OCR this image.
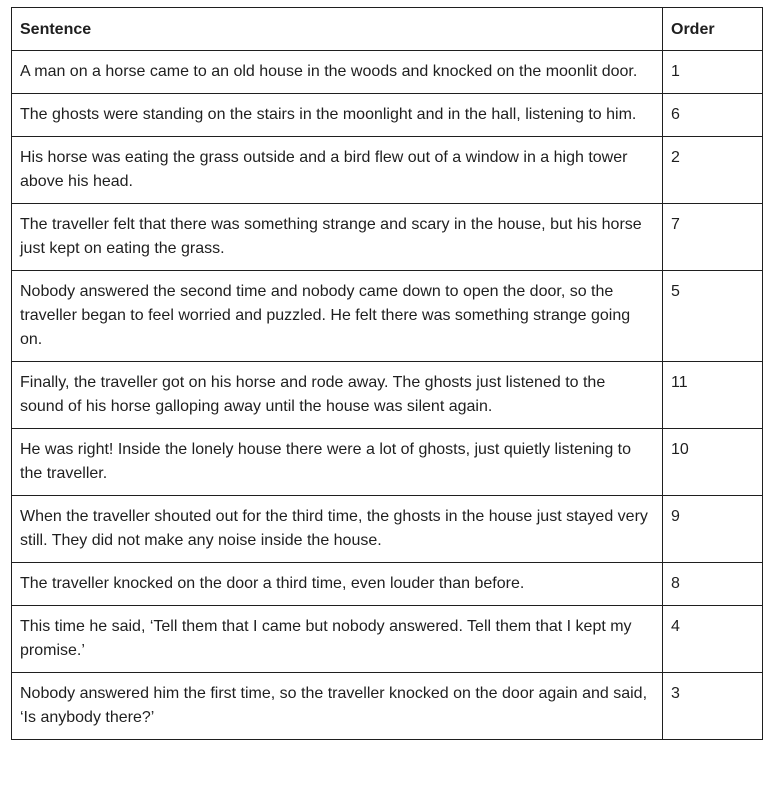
Sentence	Order
A man on a horse came to an old house in the woods and knocked on the moonlit door.	1
The ghosts were standing on the stairs in the moonlight and in the hall, listening to him.	6
His horse was eating the grass outside and a bird flew out of a window in a high tower above his head.	2
The traveller felt that there was something strange and scary in the house, but his horse just kept on eating the grass.	7
Nobody answered the second time and nobody came down to open the door, so the traveller began to feel worried and puzzled. He felt there was something strange going on.	5
Finally, the traveller got on his horse and rode away. The ghosts just listened to the sound of his horse galloping away until the house was silent again.	11
He was right! Inside the lonely house there were a lot of ghosts, just quietly listening to the traveller.	10
When the traveller shouted out for the third time, the ghosts in the house just stayed very still. They did not make any noise inside the house.	9
The traveller knocked on the door a third time, even louder than before.	8
This time he said, ‘Tell them that I came but nobody answered. Tell them that I kept my promise.’	4
Nobody answered him the first time, so the traveller knocked on the door again and said, ‘Is anybody there?’	3
